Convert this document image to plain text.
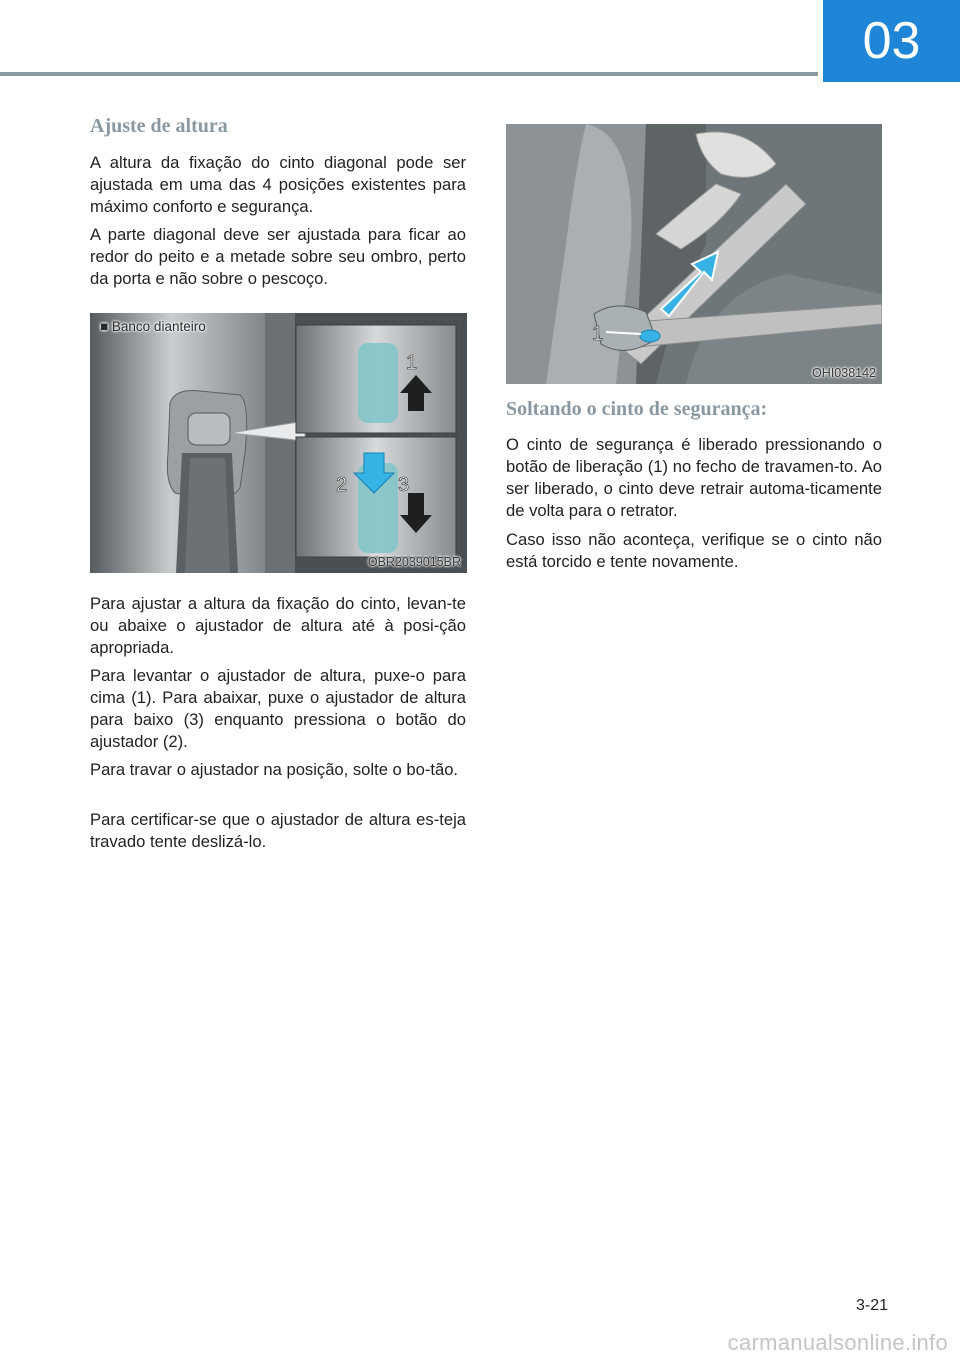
03
Ajuste de altura

A altura da fixação do cinto diagonal pode ser ajustada em uma das 4 posições existentes para máximo conforto e segurança.

A parte diagonal deve ser ajustada para ficar ao redor do peito e a metade sobre seu ombro, perto da porta e não sobre o pescoço.

1
2	3
■ Banco dianteiro
OBR2039015BR

Para ajustar a altura da fixação do cinto, levan-te ou abaixe o ajustador de altura até à posi-ção apropriada.

Para levantar o ajustador de altura, puxe-o para cima (1). Para abaixar, puxe o ajustador de altura para baixo (3) enquanto pressiona o botão do ajustador (2).

Para travar o ajustador na posição, solte o bo-tão.

Para certificar-se que o ajustador de altura es-teja travado tente deslizá-lo.

1
OHI038142
Soltando o cinto de segurança:

O cinto de segurança é liberado pressionando o botão de liberação (1) no fecho de travamen-to. Ao ser liberado, o cinto deve retrair automa-ticamente de volta para o retrator.

Caso isso não aconteça, verifique se o cinto não está torcido e tente novamente.

3-21
carmanualsonline.info
